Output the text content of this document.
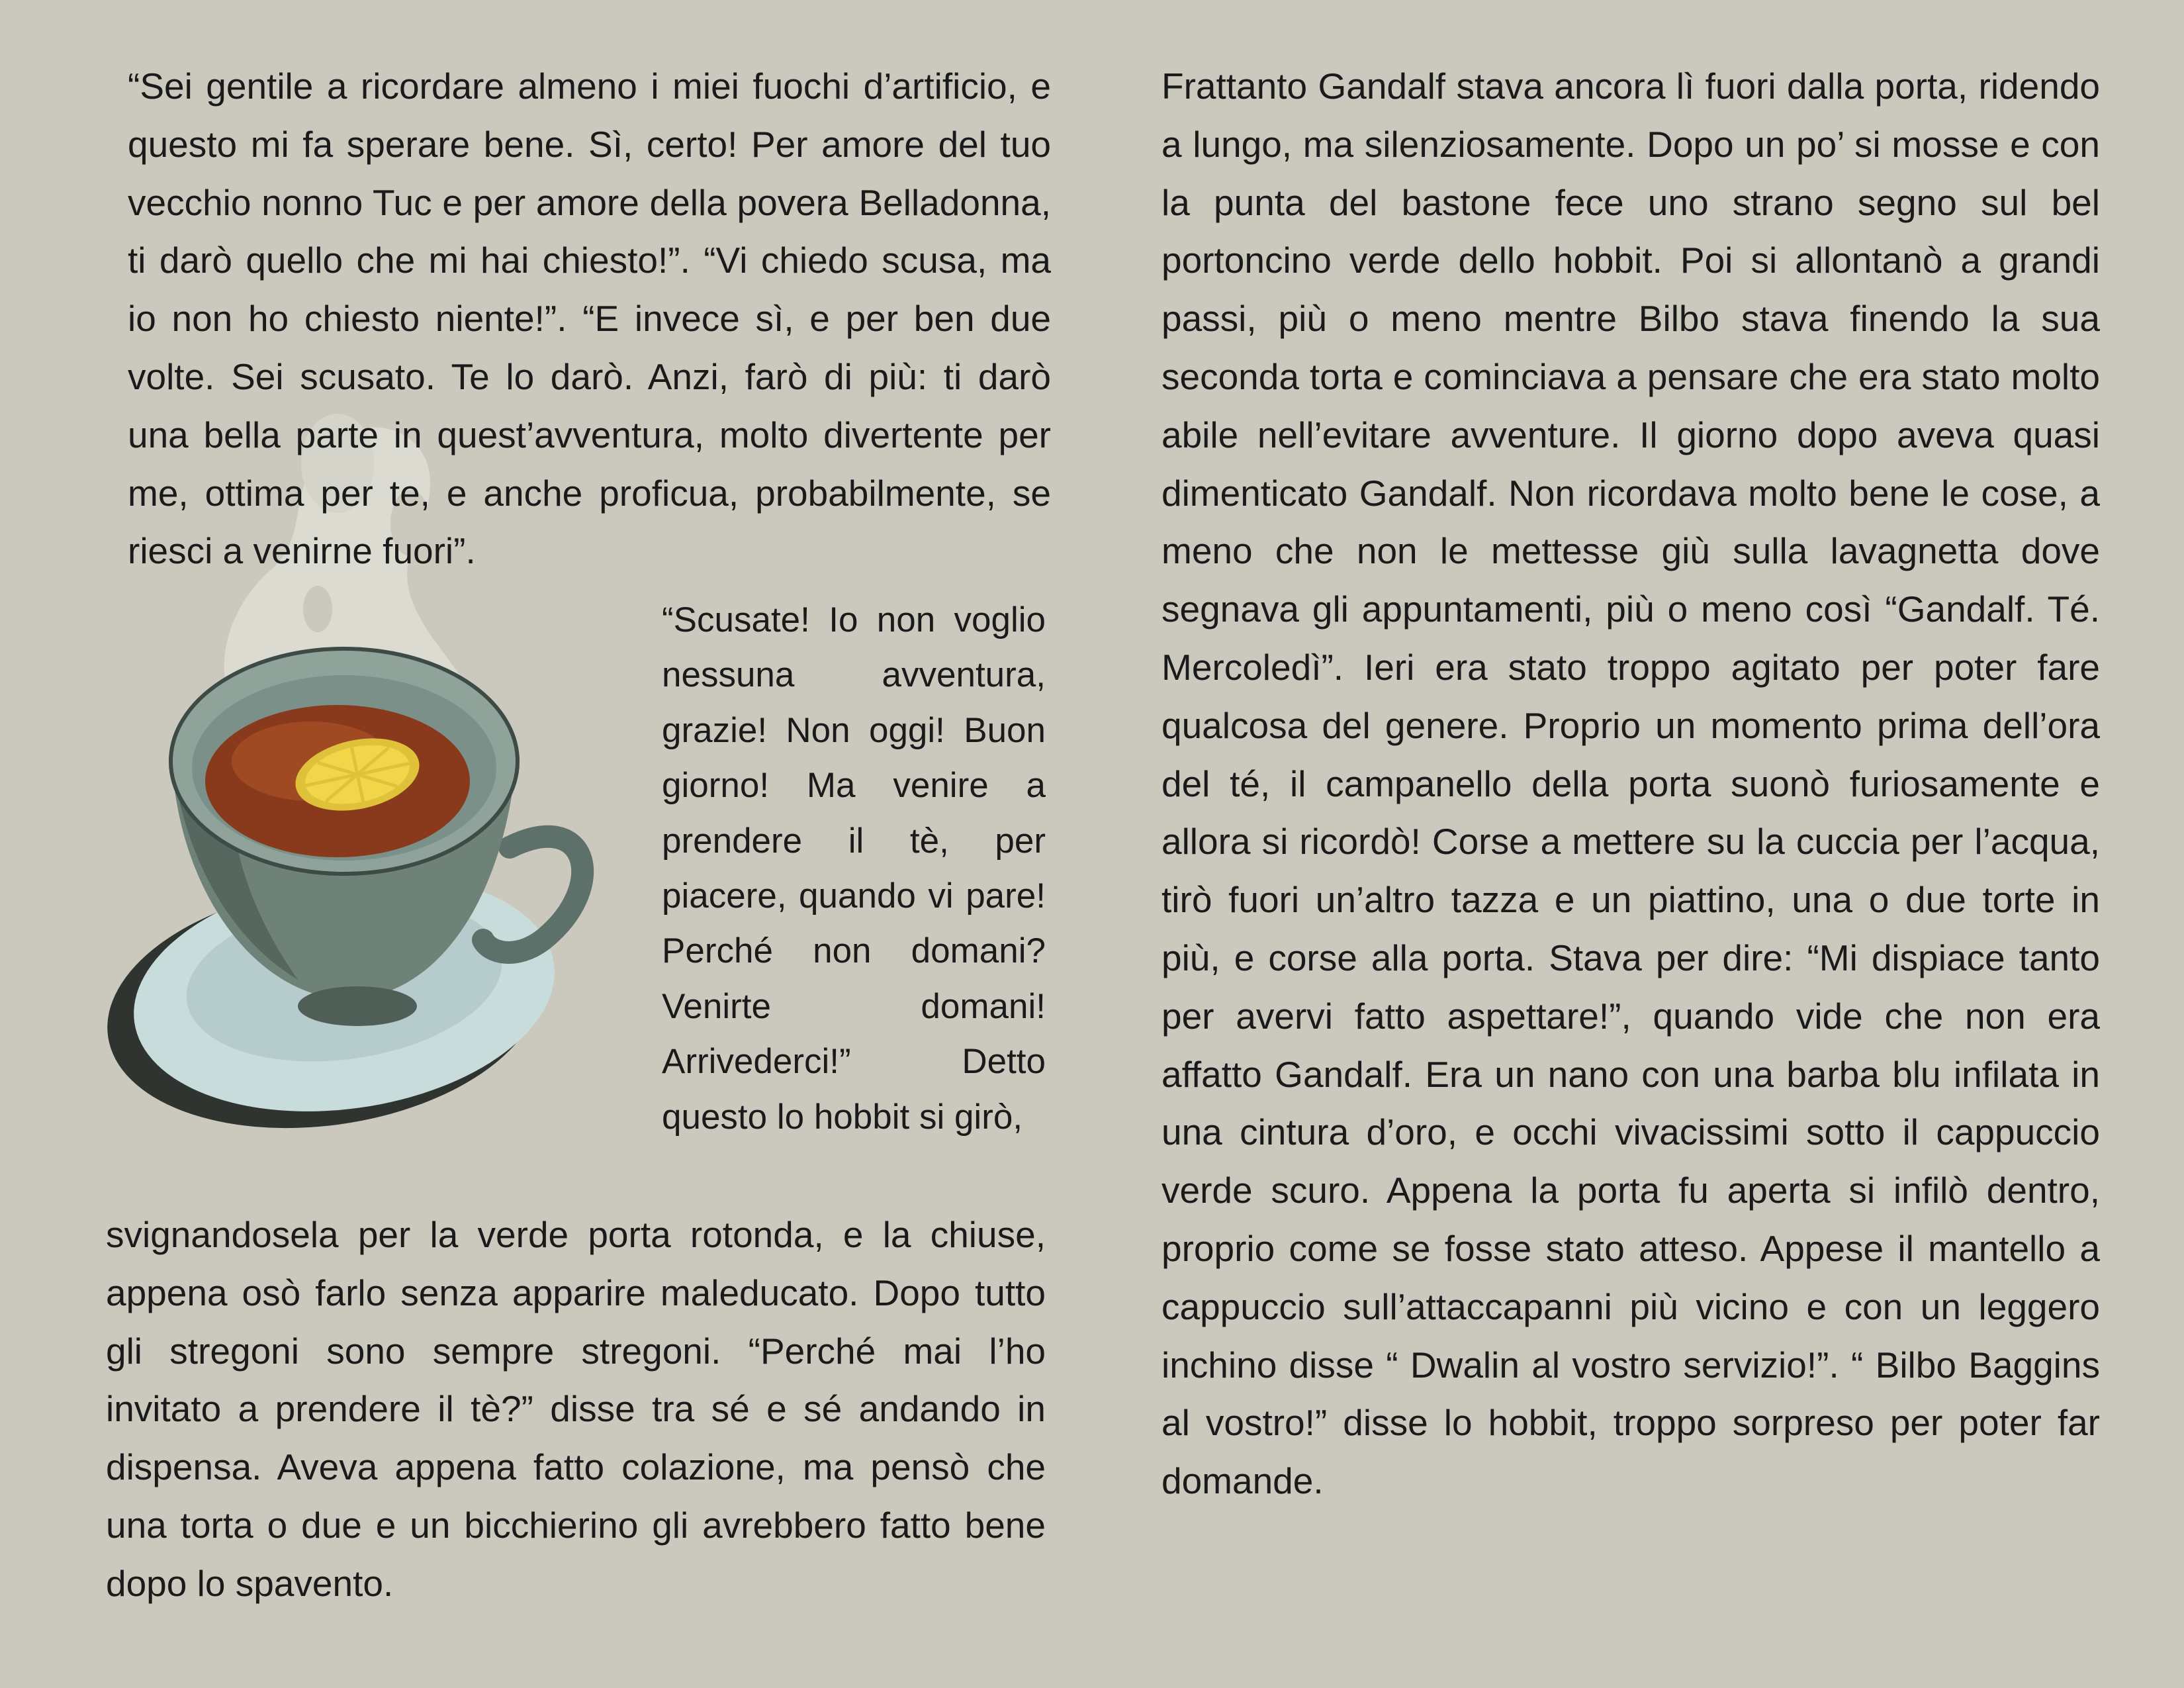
“Sei gentile a ricordare almeno i miei fuochi d’artificio, e questo mi fa sperare bene. Sì, certo! Per amore del tuo vecchio nonno Tuc e per amore della povera Belladonna, ti darò quello che mi hai chiesto!”. “Vi chiedo scusa, ma io non ho chiesto niente!”. “E invece sì, e per ben due volte. Sei scusato. Te lo darò. Anzi, farò di più: ti darò una bella parte in quest’avventura, molto divertente per me, ottima per te, e anche proficua, probabilmente, se riesci a venirne fuori”.

“Scusate! Io non voglio nessuna avventura, grazie! Non oggi! Buon giorno! Ma venire a prendere il tè, per piacere, quando vi pare! Perché non domani? Venirte domani! Arrivederci!” Detto questo lo hobbit si girò,

svignandosela per la verde porta rotonda, e la chiuse, appena osò farlo senza apparire maleducato. Dopo tutto gli stregoni sono sempre stregoni. “Perché mai l’ho invitato a prendere il tè?” disse tra sé e sé andando in dispensa. Aveva appena fatto colazione, ma pensò che una torta o due e un bicchierino gli avrebbero fatto bene dopo lo spavento.

Frattanto Gandalf stava ancora lì fuori dalla porta, ridendo a lungo, ma silenziosamente. Dopo un po’ si mosse e con la punta del bastone fece uno strano segno sul bel portoncino verde dello hobbit. Poi si allontanò a grandi passi, più o meno mentre Bilbo stava finendo la sua seconda torta e cominciava a pensare che era stato molto abile nell’evitare avventure. Il giorno dopo aveva quasi dimenticato Gandalf. Non ricordava molto bene le cose, a meno che non le mettesse giù sulla lavagnetta dove segnava gli appuntamenti, più o meno così “Gandalf. Té. Mercoledì”. Ieri era stato troppo agitato per poter fare qualcosa del genere. Proprio un momento prima dell’ora del té, il campanello della porta suonò furiosamente e allora si ricordò! Corse a mettere su la cuccia per l’acqua, tirò fuori un’altro tazza e un piattino, una o due torte in più, e corse alla porta. Stava per dire: “Mi dispiace tanto per avervi fatto aspettare!”, quando vide che non era affatto Gandalf. Era un nano con una barba blu infilata in una cintura d’oro, e occhi vivacissimi sotto il cappuccio verde scuro. Appena la porta fu aperta si infilò dentro, proprio come se fosse stato atteso. Appese il mantello a cappuccio sull’attaccapanni più vicino e con un leggero inchino disse “ Dwalin al vostro servizio!”. “ Bilbo Baggins al vostro!” disse lo hobbit, troppo sorpreso per poter far domande.
